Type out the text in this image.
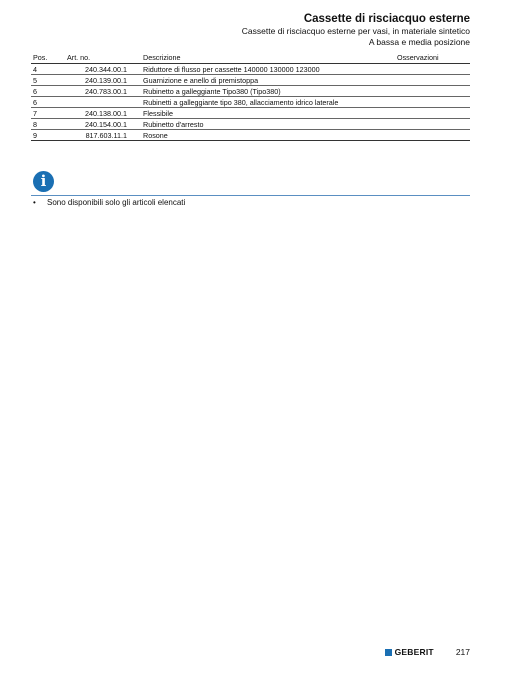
Cassette di risciacquo esterne
Cassette di risciacquo esterne per vasi, in materiale sintetico
A bassa e media posizione
Pos.	Art. no.	Descrizione	Osservazioni
4	240.344.00.1	Riduttore di flusso per cassette 140000 130000 123000	
5	240.139.00.1	Guarnizione e anello di premistoppa	
6	240.783.00.1	Rubinetto a galleggiante Tipo380 (Tipo380)	
6		Rubinetti a galleggiante tipo 380, allacciamento idrico laterale	
7	240.138.00.1	Flessibile	
8	240.154.00.1	Rubinetto d'arresto	
9	817.603.11.1	Rosone	
i
• Sono disponibili solo gli articoli elencati
GEBERIT	217
